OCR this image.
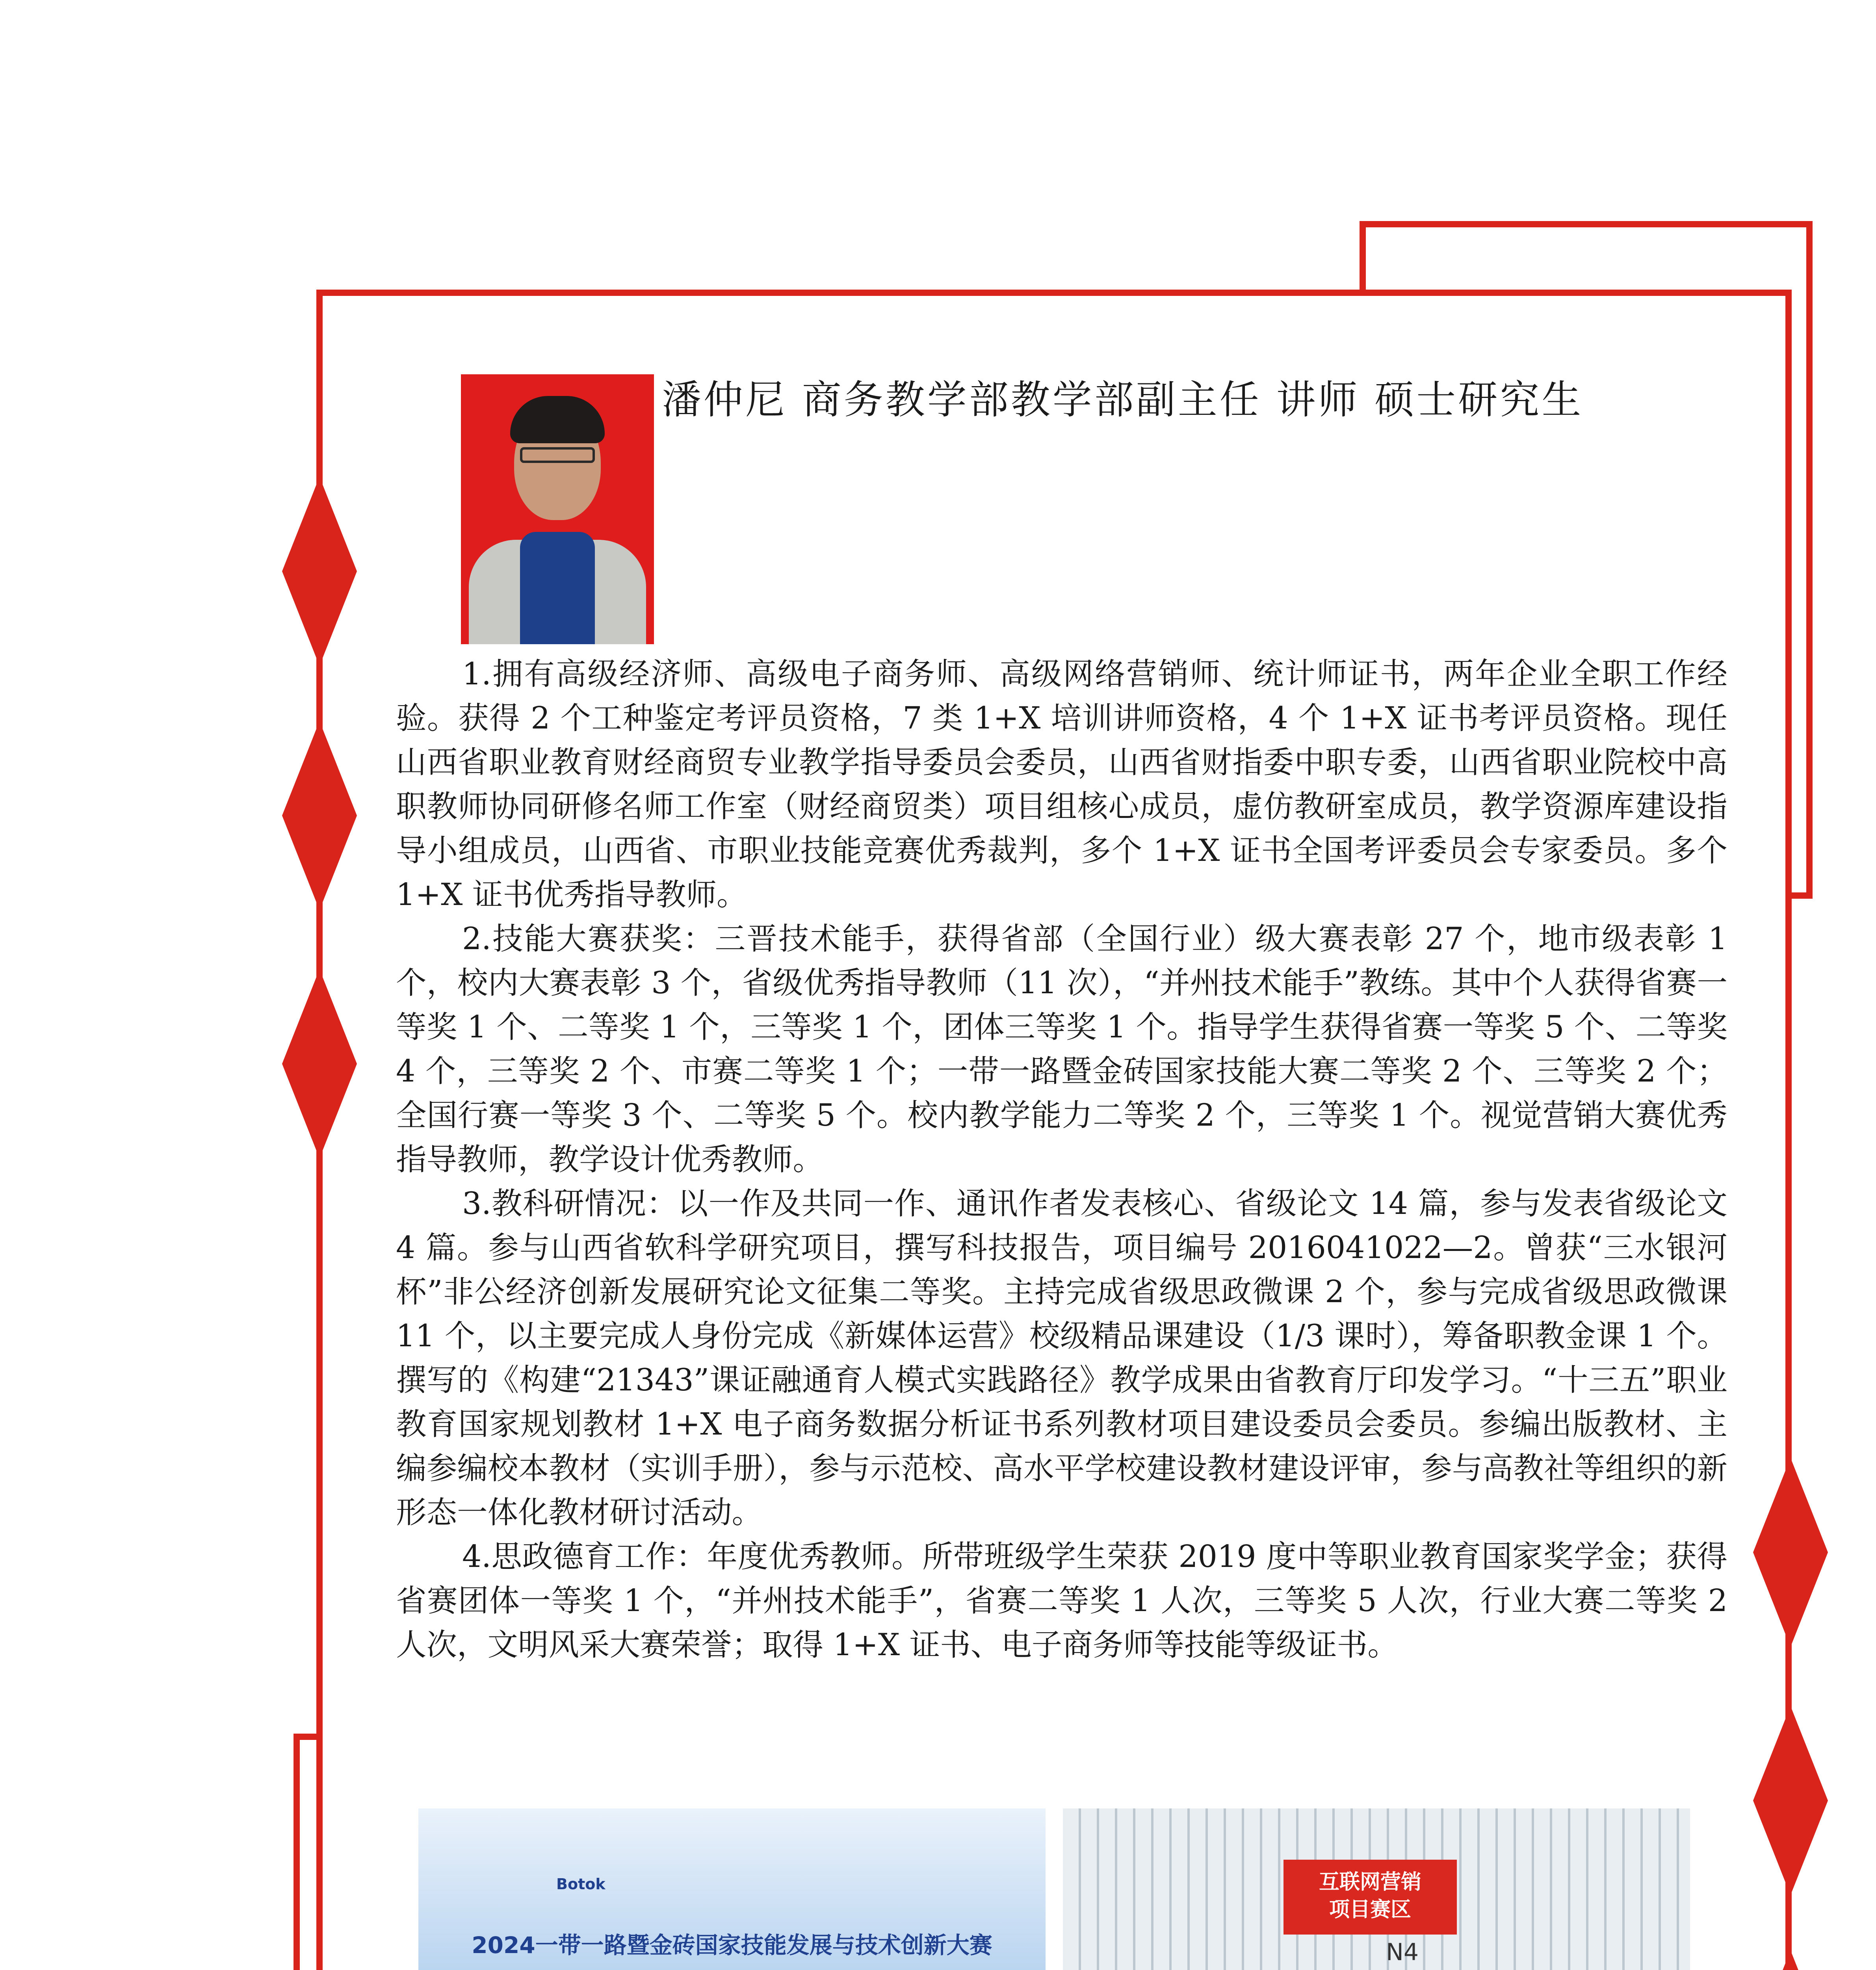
潘仲尼 商务教学部教学部副主任 讲师 硕士研究生

1.拥有高级经济师、高级电子商务师、高级网络营销师、统计师证书，两年企业全职工作经验。获得 2 个工种鉴定考评员资格，7 类 1+X 培训讲师资格，4 个 1+X 证书考评员资格。现任山西省职业教育财经商贸专业教学指导委员会委员，山西省财指委中职专委，山西省职业院校中高职教师协同研修名师工作室（财经商贸类）项目组核心成员，虚仿教研室成员，教学资源库建设指导小组成员，山西省、市职业技能竞赛优秀裁判，多个 1+X 证书全国考评委员会专家委员。多个 1+X 证书优秀指导教师。

2.技能大赛获奖：三晋技术能手，获得省部（全国行业）级大赛表彰 27 个，地市级表彰 1 个，校内大赛表彰 3 个，省级优秀指导教师（11 次），“并州技术能手”教练。其中个人获得省赛一等奖 1 个、二等奖 1 个，三等奖 1 个，团体三等奖 1 个。指导学生获得省赛一等奖 5 个、二等奖 4 个，三等奖 2 个、市赛二等奖 1 个；一带一路暨金砖国家技能大赛二等奖 2 个、三等奖 2 个；全国行赛一等奖 3 个、二等奖 5 个。校内教学能力二等奖 2 个，三等奖 1 个。视觉营销大赛优秀指导教师，教学设计优秀教师。

3.教科研情况：以一作及共同一作、通讯作者发表核心、省级论文 14 篇，参与发表省级论文 4 篇。参与山西省软科学研究项目，撰写科技报告，项目编号 2016041022—2。曾获“三水银河杯”非公经济创新发展研究论文征集二等奖。主持完成省级思政微课 2 个，参与完成省级思政微课 11 个，以主要完成人身份完成《新媒体运营》校级精品课建设（1/3 课时），筹备职教金课 1 个。 撰写的《构建“21343”课证融通育人模式实践路径》教学成果由省教育厅印发学习。“十三五”职业教育国家规划教材 1+X 电子商务数据分析证书系列教材项目建设委员会委员。参编出版教材、主编参编校本教材（实训手册），参与示范校、高水平学校建设教材建设评审，参与高教社等组织的新形态一体化教材研讨活动。

4.思政德育工作：年度优秀教师。所带班级学生荣获 2019 度中等职业教育国家奖学金；获得省赛团体一等奖 1 个，“并州技术能手”，省赛二等奖 1 人次，三等奖 5 人次，行业大赛二等奖 2 人次，文明风采大赛荣誉；取得 1+X 证书、电子商务师等技能等级证书。

Botok
2024一带一路暨金砖国家技能发展与技术创新大赛
互联网营销
项目赛区
N4
